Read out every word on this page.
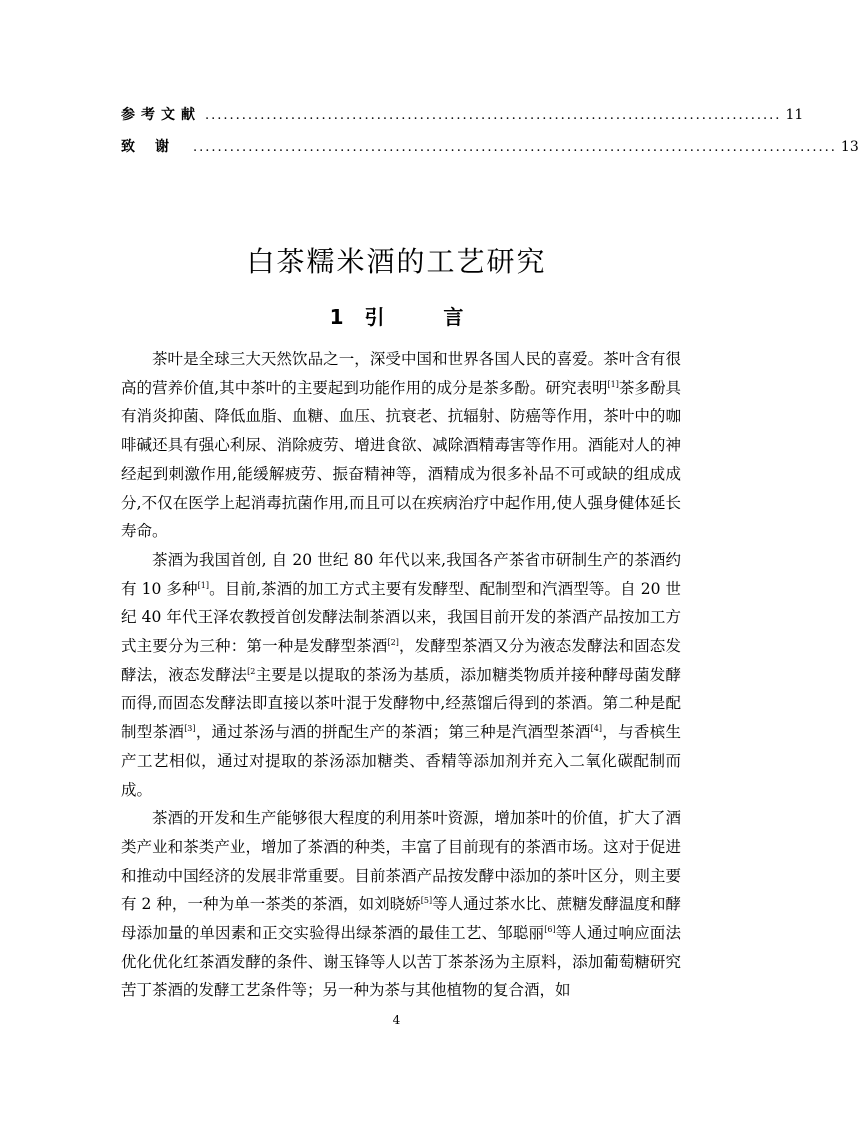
参考文献 .............................................................................................. 11
致谢 ......................................................................................................... 13
白茶糯米酒的工艺研究
1 引	言

茶叶是全球三大天然饮品之一，深受中国和世界各国人民的喜爱。茶叶含有很高的营养价值,其中茶叶的主要起到功能作用的成分是茶多酚。研究表明[1]茶多酚具有消炎抑菌、降低血脂、血糖、血压、抗衰老、抗辐射、防癌等作用，茶叶中的咖啡碱还具有强心利尿、消除疲劳、增进食欲、减除酒精毒害等作用。酒能对人的神经起到刺激作用,能缓解疲劳、振奋精神等，酒精成为很多补品不可或缺的组成成分,不仅在医学上起消毒抗菌作用,而且可以在疾病治疗中起作用,使人强身健体延长寿命。

茶酒为我国首创, 自 20 世纪 80 年代以来,我国各产茶省市研制生产的茶酒约有 10 多种[1]。目前,茶酒的加工方式主要有发酵型、配制型和汽酒型等。自 20 世纪 40 年代王泽农教授首创发酵法制茶酒以来，我国目前开发的茶酒产品按加工方式主要分为三种：第一种是发酵型茶酒[2]，发酵型茶酒又分为液态发酵法和固态发酵法，液态发酵法$^{[2}$主要是以提取的茶汤为基质，添加糖类物质并接种酵母菌发酵而得,而固态发酵法即直接以茶叶混于发酵物中,经蒸馏后得到的茶酒。第二种是配制型茶酒[3]，通过茶汤与酒的拼配生产的茶酒；第三种是汽酒型茶酒[4]，与香槟生产工艺相似，通过对提取的茶汤添加糖类、香精等添加剂并充入二氧化碳配制而成。

茶酒的开发和生产能够很大程度的利用茶叶资源，增加茶叶的价值，扩大了酒类产业和茶类产业，增加了茶酒的种类，丰富了目前现有的茶酒市场。这对于促进和推动中国经济的发展非常重要。目前茶酒产品按发酵中添加的茶叶区分，则主要有 2 种，一种为单一茶类的茶酒，如刘晓娇[5]等人通过茶水比、蔗糖发酵温度和酵母添加量的单因素和正交实验得出绿茶酒的最佳工艺、邹聪丽[6]等人通过响应面法优化优化红茶酒发酵的条件、谢玉锋等人以苦丁茶茶汤为主原料，添加葡萄糖研究苦丁茶酒的发酵工艺条件等；另一种为茶与其他植物的复合酒，如

4
